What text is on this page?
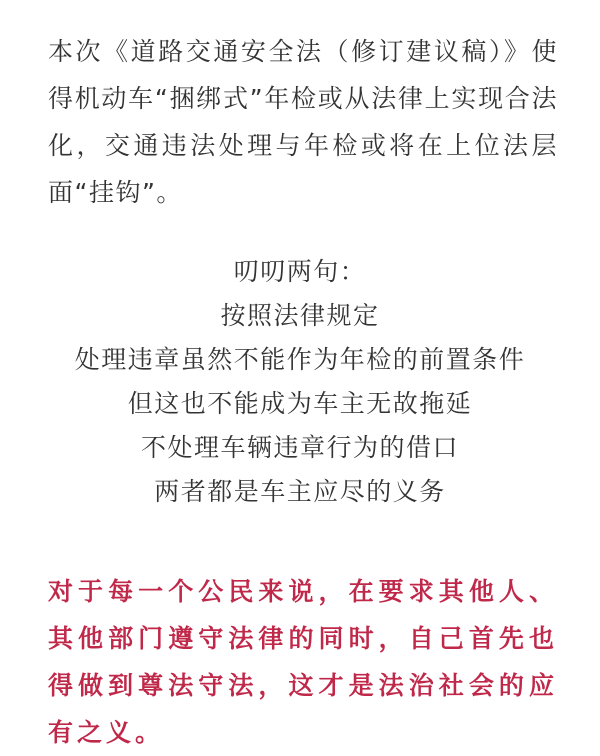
本次《道路交通安全法（修订建议稿）》使得机动车“捆绑式”年检或从法律上实现合法化，交通违法处理与年检或将在上位法层面“挂钩”。

叨叨两句：
按照法律规定
处理违章虽然不能作为年检的前置条件
但这也不能成为车主无故拖延
不处理车辆违章行为的借口
两者都是车主应尽的义务

对于每一个公民来说，在要求其他人、其他部门遵守法律的同时，自己首先也得做到尊法守法，这才是法治社会的应有之义。
